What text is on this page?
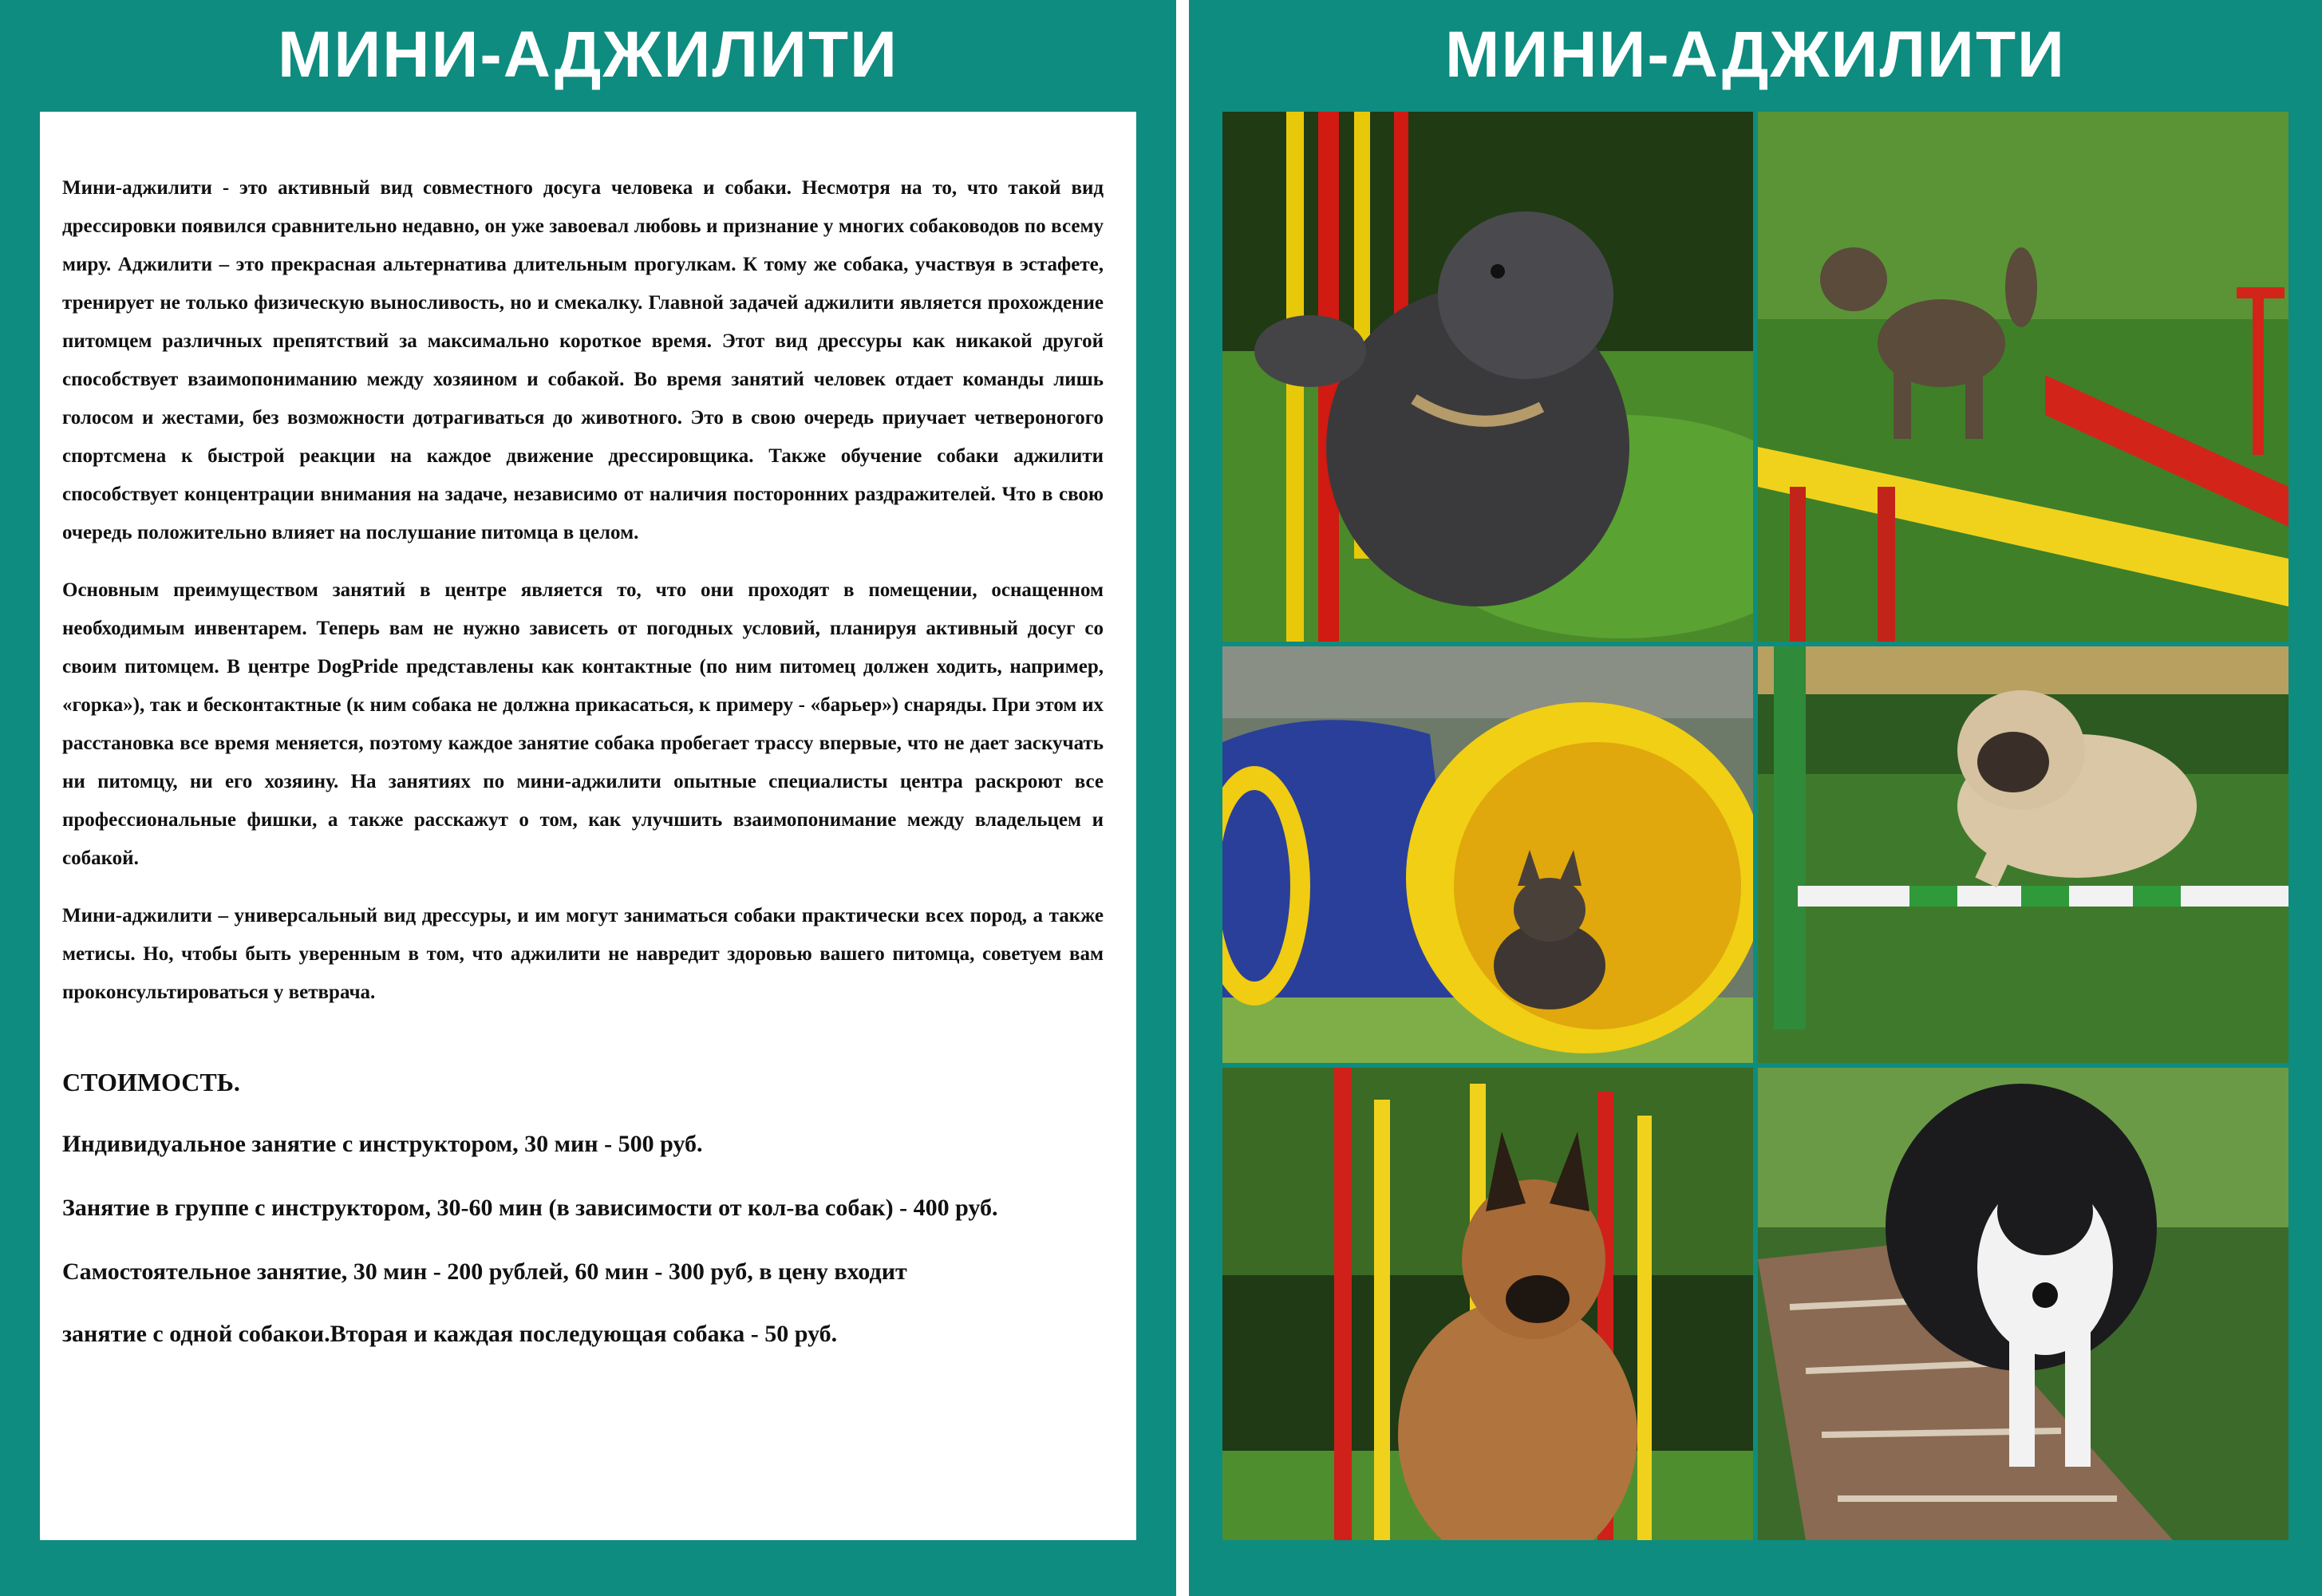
МИНИ-АДЖИЛИТИ

Мини-аджилити - это активный вид совместного досуга человека и собаки. Несмотря на то, что такой вид дрессировки появился сравнительно недавно, он уже завоевал любовь и признание у многих собаководов по всему миру. Аджилити – это прекрасная альтернатива длительным прогулкам. К тому же собака, участвуя в эстафете, тренирует не только физическую выносливость, но и смекалку. Главной задачей аджилити является прохождение питомцем различных препятствий за максимально короткое время. Этот вид дрессуры как никакой другой способствует взаимопониманию между хозяином и собакой. Во время занятий человек отдает команды лишь голосом и жестами, без возможности дотрагиваться до животного. Это в свою очередь приучает четвероногого спортсмена к быстрой реакции на каждое движение дрессировщика. Также обучение собаки аджилити способствует концентрации внимания на задаче, независимо от наличия посторонних раздражителей. Что в свою очередь положительно влияет на послушание питомца в целом.

Основным преимуществом занятий в центре является то, что они проходят в помещении, оснащенном необходимым инвентарем. Теперь вам не нужно зависеть от погодных условий, планируя активный досуг со своим питомцем. В центре DogPride представлены как контактные (по ним питомец должен ходить, например, «горка»), так и бесконтактные (к ним собака не должна прикасаться, к примеру - «барьер») снаряды. При этом их расстановка все время меняется, поэтому каждое занятие собака пробегает трассу впервые, что не дает заскучать ни питомцу, ни его хозяину. На занятиях по мини-аджилити опытные специалисты центра раскроют все профессиональные фишки, а также расскажут о том, как улучшить взаимопонимание между владельцем и собакой.

Мини-аджилити – универсальный вид дрессуры, и им могут заниматься собаки практически всех пород, а также метисы. Но, чтобы быть уверенным в том, что аджилити не навредит здоровью вашего питомца, советуем вам проконсультироваться у ветврача.

СТОИМОСТЬ.
Индивидуальное занятие с инструктором, 30 мин - 500 руб.
Занятие в группе с инструктором, 30-60 мин (в зависимости от кол-ва собак) - 400 руб.
Самостоятельное занятие, 30 мин - 200 рублей, 60 мин - 300 руб, в цену входит
занятие с одной собакои.Вторая и каждая последующая собака - 50 руб.
МИНИ-АДЖИЛИТИ
